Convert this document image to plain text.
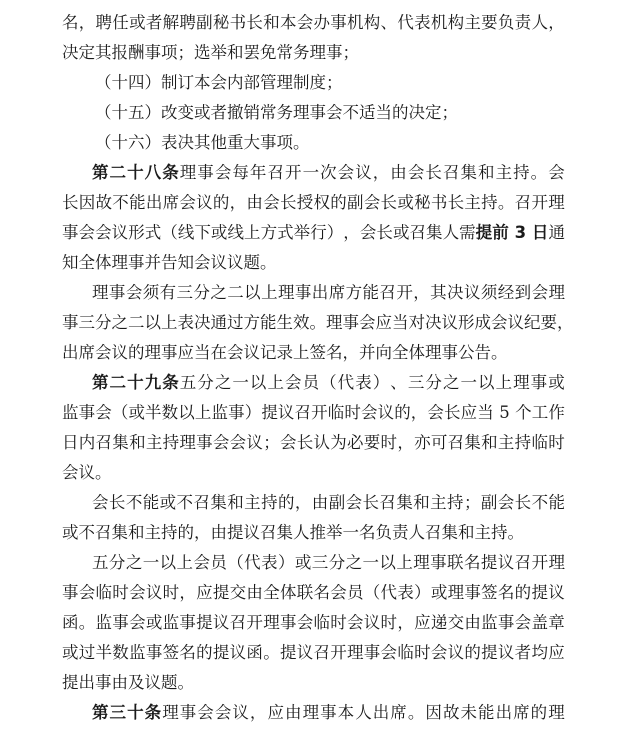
名 ， 聘 任 或 者 解 聘 副 秘 书 长 和 本 会 办 事 机 构 、 代 表 机 构 主 要 负 责 人 ，
决定其报酬事项；选举和罢免常务理事；
（十四）制订本会内部管理制度；
（十五）改变或者撤销常务理事会不适当的决定；
（十六）表决其他重大事项。
第 二 十 八 条 理 事 会 每 年 召 开 一 次 会 议 ， 由 会 长 召 集 和 主 持 。 会
长 因 故 不 能 出 席 会 议 的 ， 由 会 长 授 权 的 副 会 长 或 秘 书 长 主 持 。 召 开 理
事 会 会 议 形 式 （ 线 下 或 线 上 方 式 举 行 ） ， 会 长 或 召 集 人 需 提 前
3
日 通
知全体理事并告知会议议题。
理 事 会 须 有 三 分 之 二 以 上 理 事 出 席 方 能 召 开 ， 其 决 议 须 经 到 会 理
事 三 分 之 二 以 上 表 决 通 过 方 能 生 效 。 理 事 会 应 当 对 决 议 形 成 会 议 纪 要 ，
出席会议的理事应当在会议记录上签名，并向全体理事公告。
第 二 十 九 条 五 分 之 一 以 上 会 员 （ 代 表 ） 、 三 分 之 一 以 上 理 事 或
监 事 会 （ 或 半 数 以 上 监 事 ） 提 议 召 开 临 时 会 议 的 ， 会 长 应 当
5
个 工 作
日 内 召 集 和 主 持 理 事 会 会 议 ； 会 长 认 为 必 要 时 ， 亦 可 召 集 和 主 持 临 时
会议。
会 长 不 能 或 不 召 集 和 主 持 的 ， 由 副 会 长 召 集 和 主 持 ； 副 会 长 不 能
或不召集和主持的，由提议召集人推举一名负责人召集和主持。
五 分 之 一 以 上 会 员 （ 代 表 ） 或 三 分 之 一 以 上 理 事 联 名 提 议 召 开 理
事 会 临 时 会 议 时 ， 应 提 交 由 全 体 联 名 会 员 （ 代 表 ） 或 理 事 签 名 的 提 议
函 。 监 事 会 或 监 事 提 议 召 开 理 事 会 临 时 会 议 时 ， 应 递 交 由 监 事 会 盖 章
或 过 半 数 监 事 签 名 的 提 议 函 。 提 议 召 开 理 事 会 临 时 会 议 的 提 议 者 均 应
提出事由及议题。
第 三 十 条 理 事 会 会 议 ， 应 由 理 事 本 人 出 席 。 因 故 未 能 出 席 的 理
